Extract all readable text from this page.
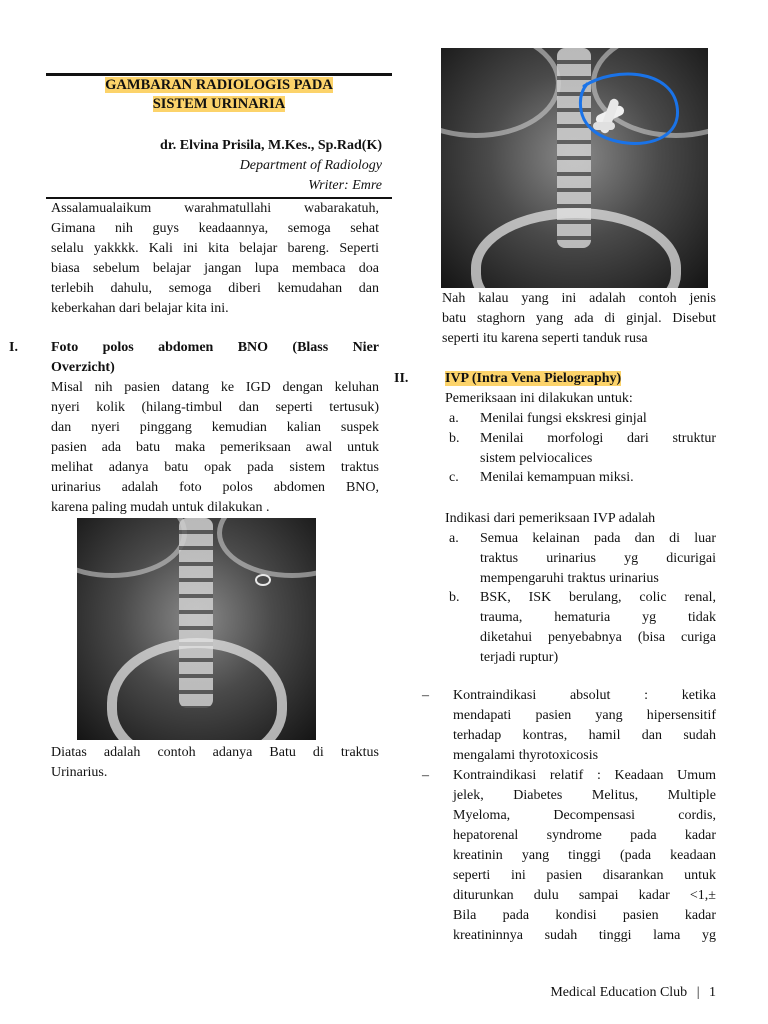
GAMBARAN RADIOLOGIS PADA
SISTEM URINARIA
dr. Elvina Prisila, M.Kes., Sp.Rad(K)
Department of Radiology
Writer: Emre
Assalamualaikum warahmatullahi wabarakatuh,
Gimana nih guys keadaannya, semoga sehat
selalu yakkkk. Kali ini kita belajar bareng. Seperti
biasa sebelum belajar jangan lupa membaca doa
terlebih dahulu, semoga diberi kemudahan dan
keberkahan dari belajar kita ini.
I. Foto polos abdomen BNO (Blass Nier
Overzicht)
Misal nih pasien datang ke IGD dengan keluhan
nyeri kolik (hilang-timbul dan seperti tertusuk)
dan nyeri pinggang kemudian kalian suspek
pasien ada batu maka pemeriksaan awal untuk
melihat adanya batu opak pada sistem traktus
urinarius adalah foto polos abdomen BNO,
karena paling mudah untuk dilakukan .
Diatas adalah contoh adanya Batu di traktus
Urinarius.
Nah kalau yang ini adalah contoh jenis
batu staghorn yang ada di ginjal. Disebut
seperti itu karena seperti tanduk rusa
II.	IVP (Intra Vena Pielography)
Pemeriksaan ini dilakukan untuk:
a. Menilai fungsi ekskresi ginjal
b. Menilai morfologi dari struktur
sistem pelviocalices
c. Menilai kemampuan miksi.
Indikasi dari pemeriksaan IVP adalah
a. Semua kelainan pada dan di luar
traktus urinarius yg dicurigai
mempengaruhi traktus urinarius
b. BSK, ISK berulang, colic renal,
trauma, hematuria yg tidak
diketahui penyebabnya (bisa curiga
terjadi ruptur)
– Kontraindikasi absolut : ketika
mendapati pasien yang hipersensitif
terhadap kontras, hamil dan sudah
mengalami thyrotoxicosis
– Kontraindikasi relatif : Keadaan Umum
jelek, Diabetes Melitus, Multiple
Myeloma, Decompensasi cordis,
hepatorenal syndrome pada kadar
kreatinin yang tinggi (pada keadaan
seperti ini pasien disarankan untuk
diturunkan dulu sampai kadar <1,±
Bila pada kondisi pasien kadar
kreatininnya sudah tinggi lama yg
Medical Education Club | 1
